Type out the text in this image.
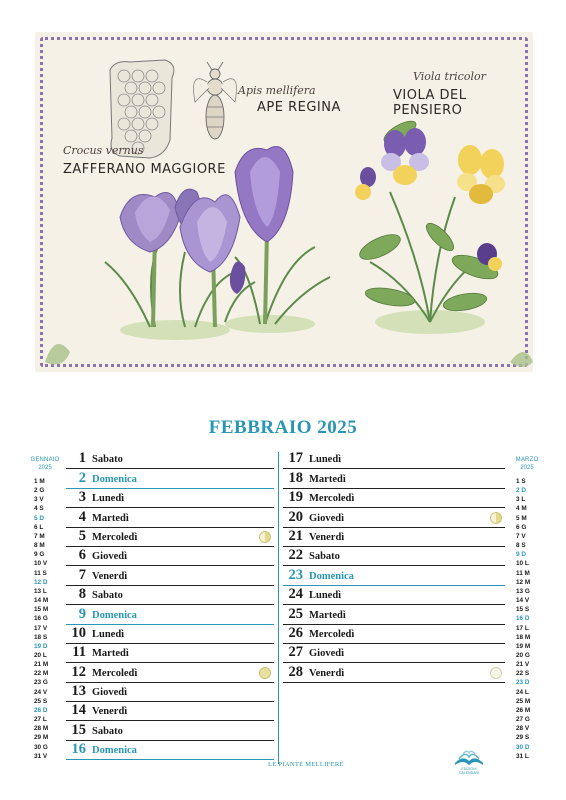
Apis mellifera
APE REGINA
Viola tricolor
VIOLA DEL PENSIERO
Crocus vernus
ZAFFERANO MAGGIORE
FEBBRAIO 2025
GENNAIO
2025
1 M
2 G
3 V
4 S
5 D
6 L
7 M
8 M
9 G
10 V
11 S
12 D
13 L
14 M
15 M
16 G
17 V
18 S
19 D
20 L
21 M
22 M
23 G
24 V
25 S
26 D
27 L
28 M
29 M
30 G
31 V
MARZO
2025
1 S
2 D
3 L
4 M
5 M
6 G
7 V
8 S
9 D
10 L
11 M
12 M
13 G
14 V
15 S
16 D
17 L
18 M
19 M
20 G
21 V
22 S
23 D
24 L
25 M
26 M
27 G
28 V
29 S
30 D
31 L
1 Sabato
2 Domenica
3 Lunedì
4 Martedì
5 Mercoledì
6 Giovedì
7 Venerdì
8 Sabato
9 Domenica
10 Lunedì
11 Martedì
12 Mercoledì
13 Giovedì
14 Venerdì
15 Sabato
16 Domenica
17 Lunedì
18 Martedì
19 Mercoledì
20 Giovedì
21 Venerdì
22 Sabato
23 Domenica
24 Lunedì
25 Martedì
26 Mercoledì
27 Giovedì
28 Venerdì
LE PIANTE MELLIFERE
EDIZIONI CALENDARI
